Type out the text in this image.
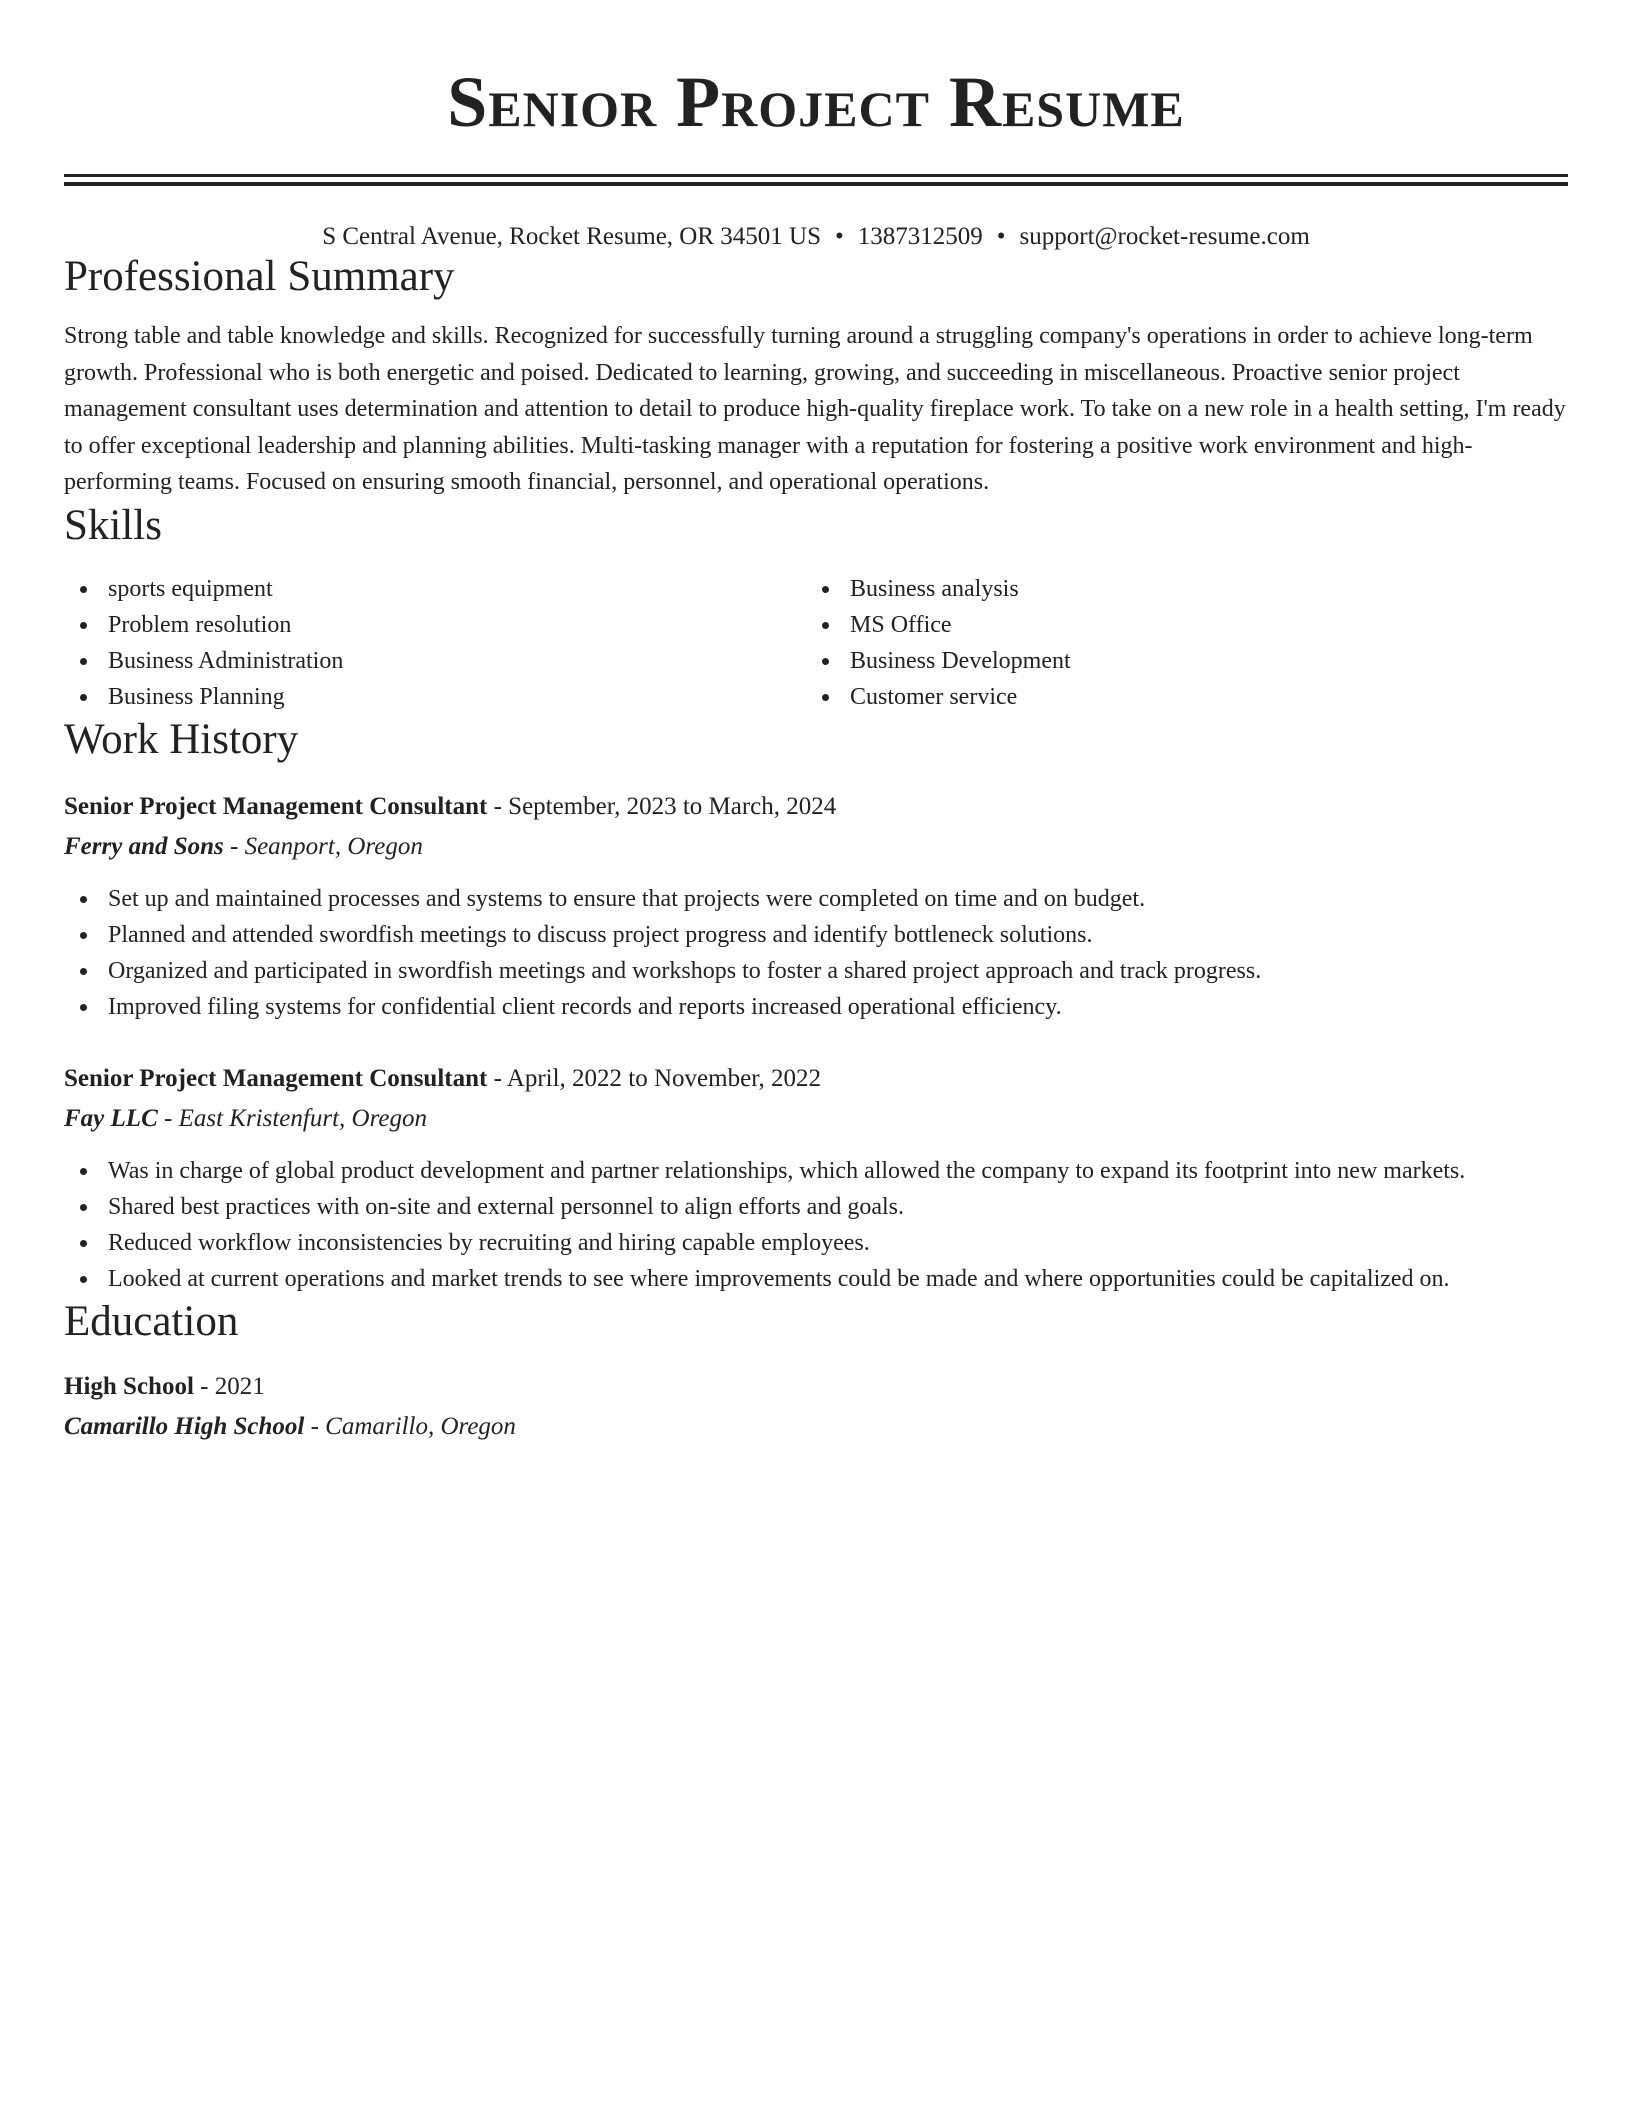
Senior Project Resume
S Central Avenue, Rocket Resume, OR 34501 US • 1387312509 • support@rocket-resume.com
Professional Summary

Strong table and table knowledge and skills. Recognized for successfully turning around a struggling company's operations in order to achieve long-term growth. Professional who is both energetic and poised. Dedicated to learning, growing, and succeeding in miscellaneous. Proactive senior project management consultant uses determination and attention to detail to produce high-quality fireplace work. To take on a new role in a health setting, I'm ready to offer exceptional leadership and planning abilities. Multi-tasking manager with a reputation for fostering a positive work environment and high-performing teams. Focused on ensuring smooth financial, personnel, and operational operations.

Skills
sports equipment
Problem resolution
Business Administration
Business Planning
Business analysis
MS Office
Business Development
Customer service
Work History
Senior Project Management Consultant - September, 2023 to March, 2024
Ferry and Sons - Seanport, Oregon
Set up and maintained processes and systems to ensure that projects were completed on time and on budget.
Planned and attended swordfish meetings to discuss project progress and identify bottleneck solutions.
Organized and participated in swordfish meetings and workshops to foster a shared project approach and track progress.
Improved filing systems for confidential client records and reports increased operational efficiency.
Senior Project Management Consultant - April, 2022 to November, 2022
Fay LLC - East Kristenfurt, Oregon
Was in charge of global product development and partner relationships, which allowed the company to expand its footprint into new markets.
Shared best practices with on-site and external personnel to align efforts and goals.
Reduced workflow inconsistencies by recruiting and hiring capable employees.
Looked at current operations and market trends to see where improvements could be made and where opportunities could be capitalized on.
Education
High School - 2021
Camarillo High School - Camarillo, Oregon
